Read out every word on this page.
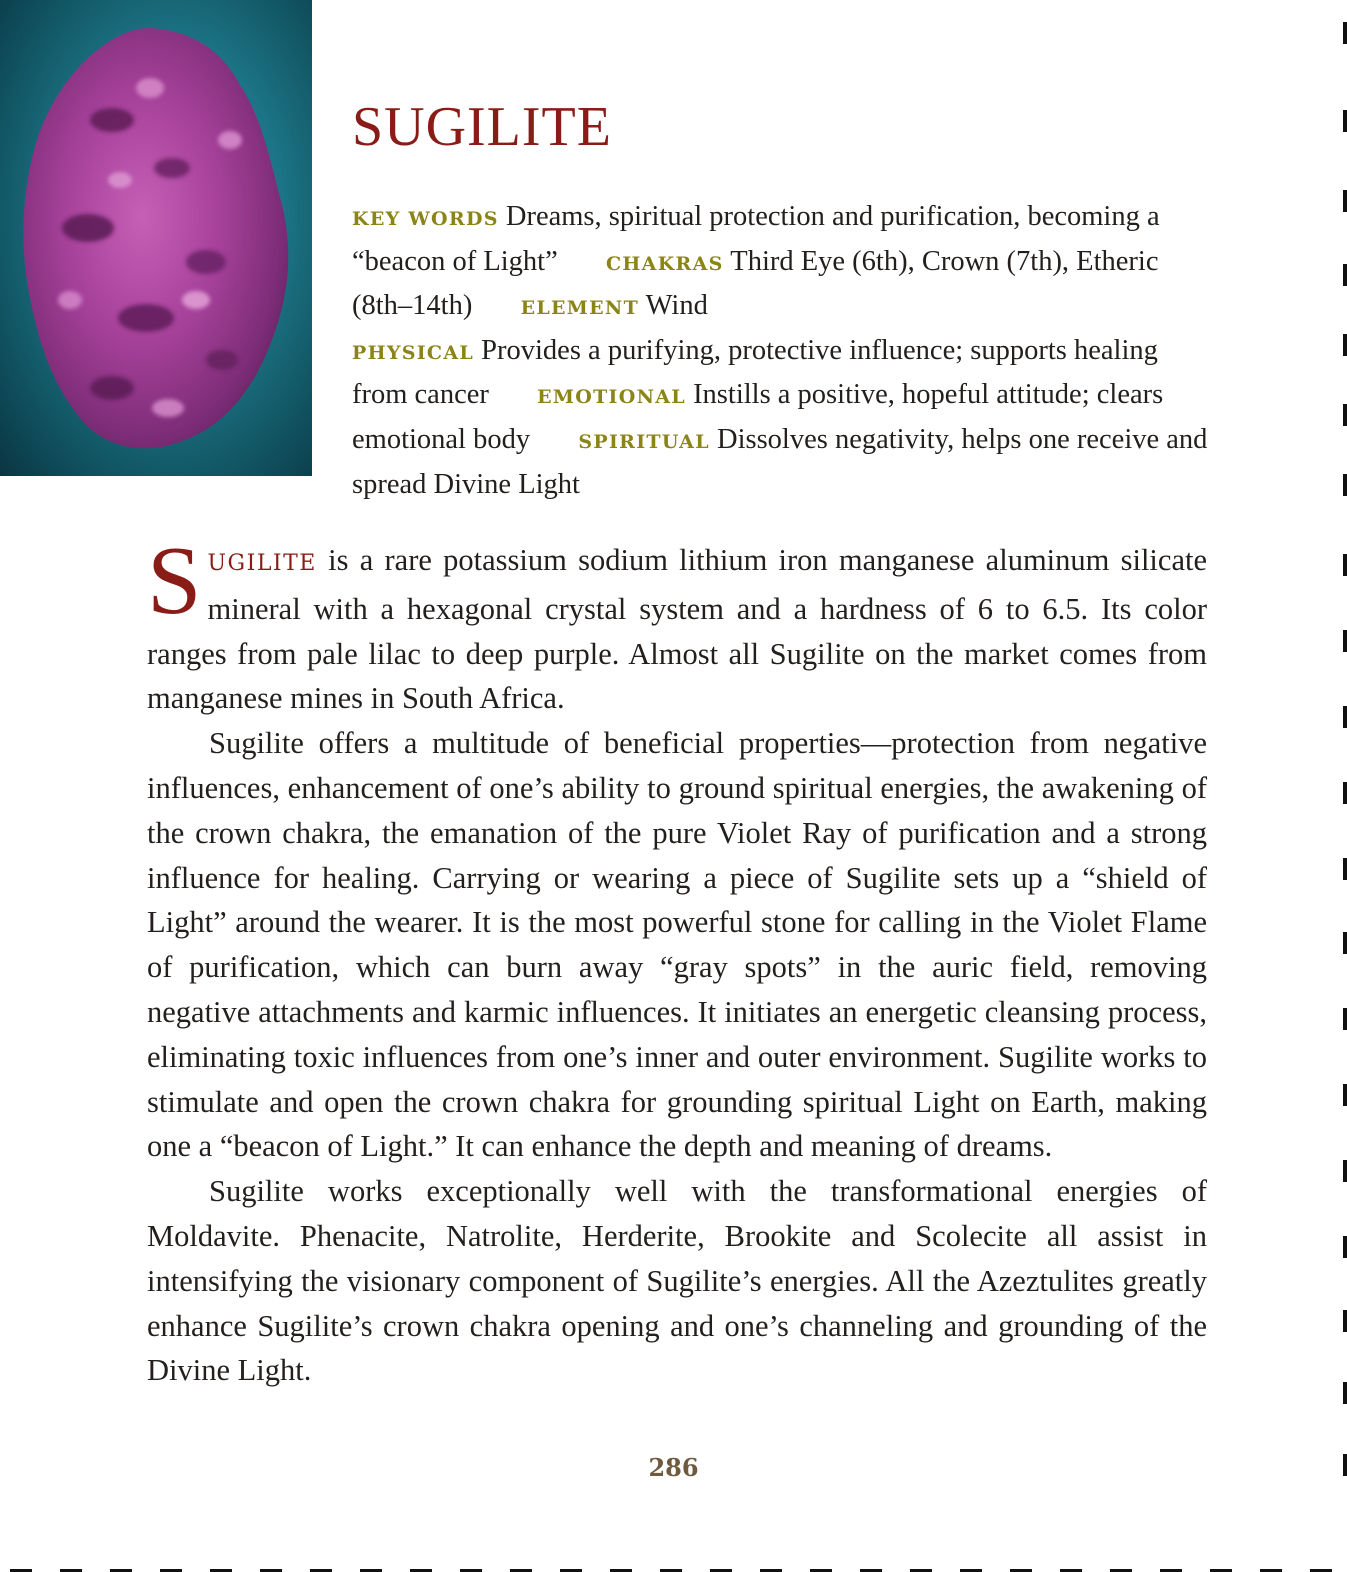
SUGILITE
KEY WORDS Dreams, spiritual protection and purification, becoming a “beacon of Light”	CHAKRAS Third Eye (6th), Crown (7th), Etheric (8th–14th)	ELEMENT Wind
PHYSICAL Provides a purifying, protective influence; supports healing from cancer	EMOTIONAL Instills a positive, hopeful attitude; clears emotional body	SPIRITUAL Dissolves negativity, helps one receive and spread Divine Light

SUGILITE is a rare potassium sodium lithium iron manganese aluminum silicate mineral with a hexagonal crystal system and a hardness of 6 to 6.5. Its color ranges from pale lilac to deep purple. Almost all Sugilite on the market comes from manganese mines in South Africa.

Sugilite offers a multitude of beneficial properties—protection from negative influences, enhancement of one’s ability to ground spiritual energies, the awakening of the crown chakra, the emanation of the pure Violet Ray of purification and a strong influence for healing. Carrying or wearing a piece of Sugilite sets up a “shield of Light” around the wearer. It is the most powerful stone for calling in the Violet Flame of purification, which can burn away “gray spots” in the auric field, removing negative attachments and karmic influences. It initiates an energetic cleansing process, eliminating toxic influences from one’s inner and outer environment. Sugilite works to stimulate and open the crown chakra for grounding spiritual Light on Earth, making one a “beacon of Light.” It can enhance the depth and meaning of dreams.

Sugilite works exceptionally well with the transformational energies of Moldavite. Phenacite, Natrolite, Herderite, Brookite and Scolecite all assist in intensifying the visionary component of Sugilite’s energies. All the Azeztulites greatly enhance Sugilite’s crown chakra opening and one’s channeling and grounding of the Divine Light.

286
